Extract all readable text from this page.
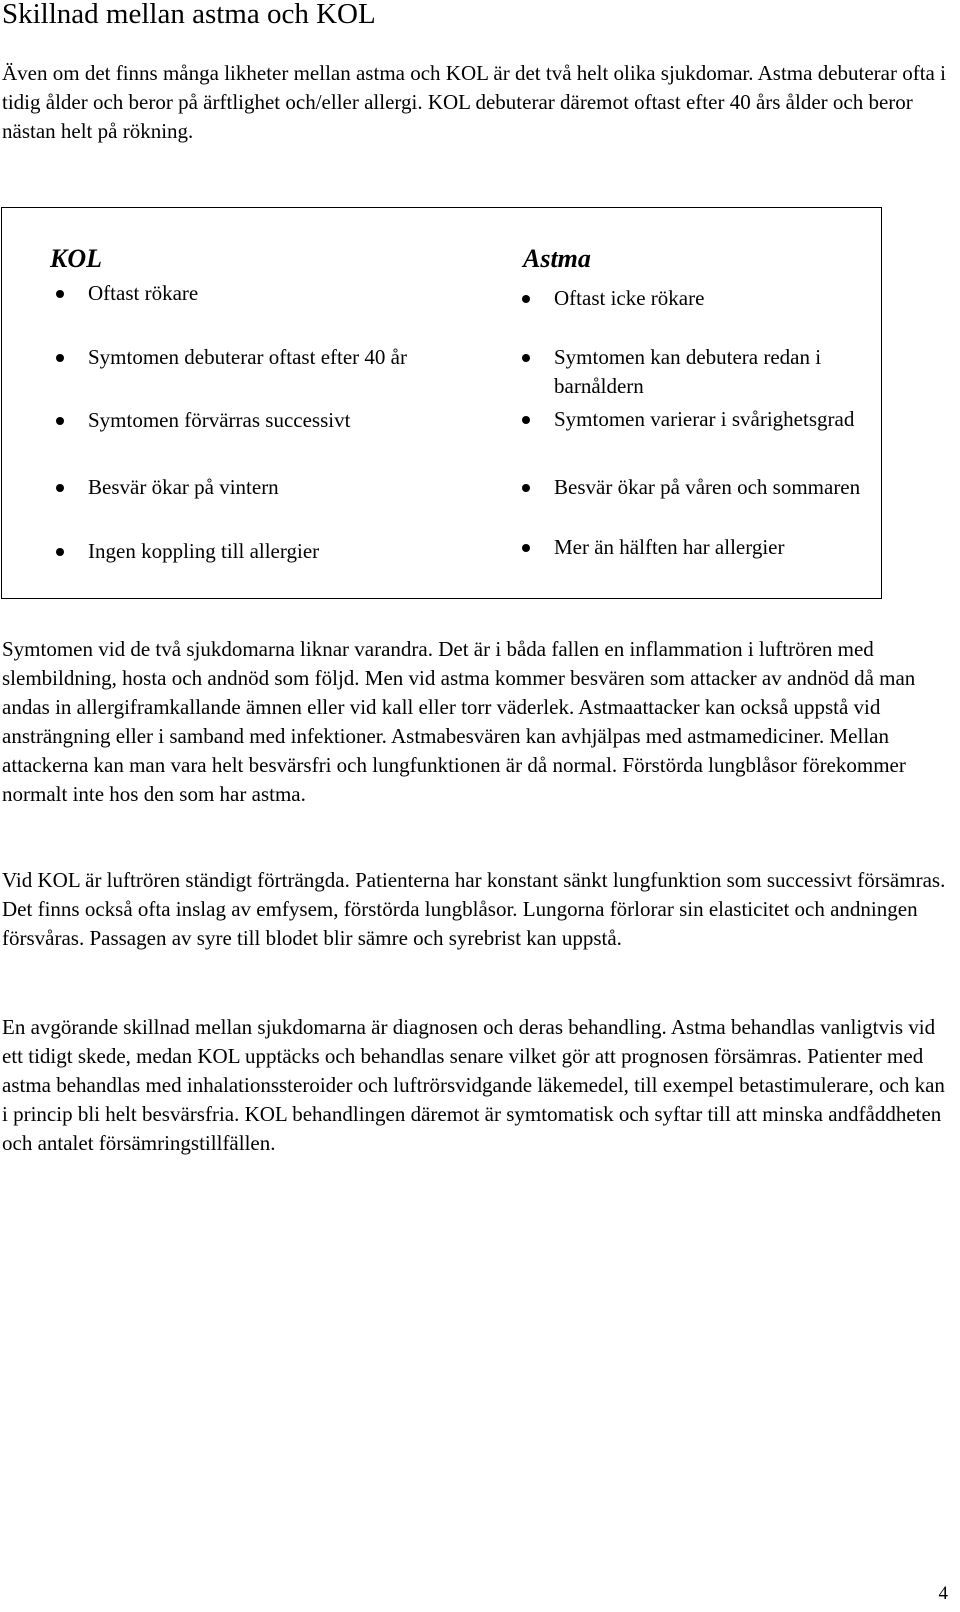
Skillnad mellan astma och KOL

Även om det finns många likheter mellan astma och KOL är det två helt olika sjukdomar. Astma debuterar ofta i tidig ålder och beror på ärftlighet och/eller allergi. KOL debuterar däremot oftast efter 40 års ålder och beror nästan helt på rökning.

KOL
Oftast rökare
Symtomen debuterar oftast efter 40 år
Symtomen förvärras successivt
Besvär ökar på vintern
Ingen koppling till allergier
Astma
Oftast icke rökare
Symtomen kan debutera redan i barnåldern
Symtomen varierar i svårighetsgrad
Besvär ökar på våren och sommaren
Mer än hälften har allergier

Symtomen vid de två sjukdomarna liknar varandra. Det är i båda fallen en inflammation i luftrören med slembildning, hosta och andnöd som följd. Men vid astma kommer besvären som attacker av andnöd då man andas in allergiframkallande ämnen eller vid kall eller torr väderlek. Astmaattacker kan också uppstå vid ansträngning eller i samband med infektioner. Astmabesvären kan avhjälpas med astmamediciner. Mellan attackerna kan man vara helt besvärsfri och lungfunktionen är då normal. Förstörda lungblåsor förekommer normalt inte hos den som har astma.

Vid KOL är luftrören ständigt förträngda. Patienterna har konstant sänkt lungfunktion som successivt försämras. Det finns också ofta inslag av emfysem, förstörda lungblåsor. Lungorna förlorar sin elasticitet och andningen försvåras. Passagen av syre till blodet blir sämre och syrebrist kan uppstå.

En avgörande skillnad mellan sjukdomarna är diagnosen och deras behandling. Astma behandlas vanligtvis vid ett tidigt skede, medan KOL upptäcks och behandlas senare vilket gör att prognosen försämras. Patienter med astma behandlas med inhalationssteroider och luftrörsvidgande läkemedel, till exempel betastimulerare, och kan i princip bli helt besvärsfria. KOL behandlingen däremot är symtomatisk och syftar till att minska andfåddheten och antalet försämringstillfällen.

4
